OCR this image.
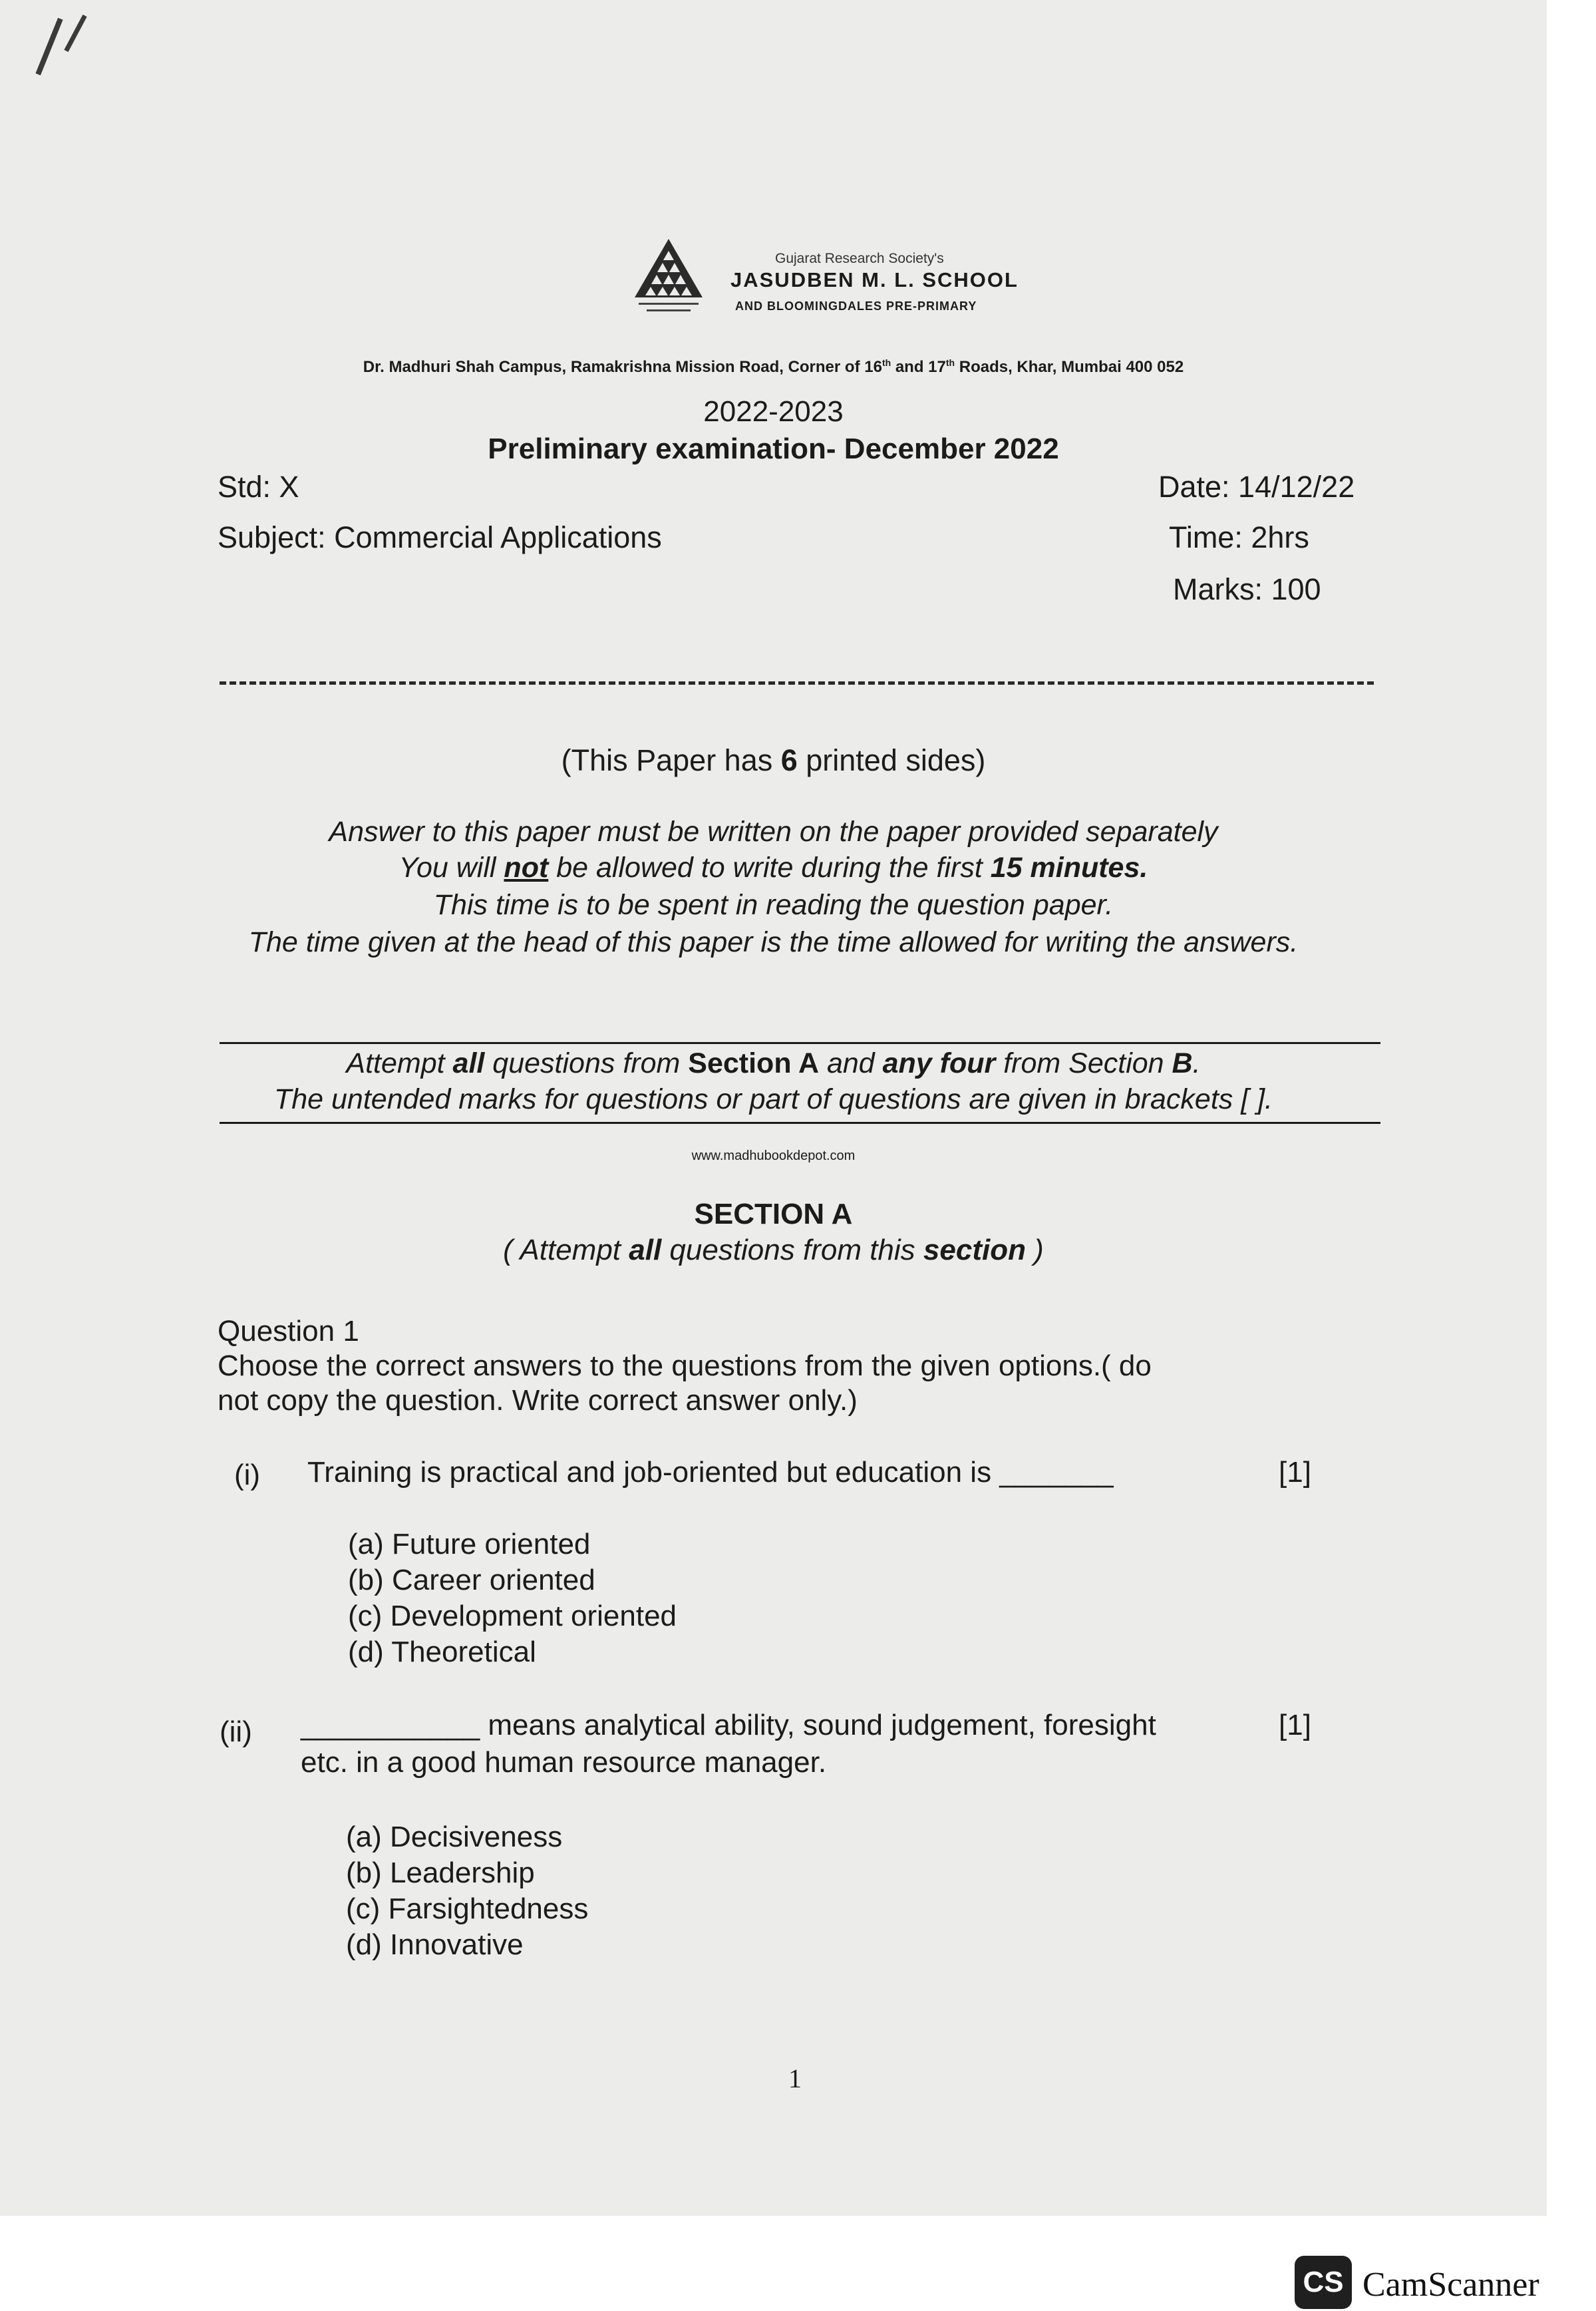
Gujarat Research Society's
JASUDBEN M. L. SCHOOL
AND BLOOMINGDALES PRE-PRIMARY
Dr. Madhuri Shah Campus, Ramakrishna Mission Road, Corner of 16th and 17th Roads, Khar, Mumbai 400 052
2022-2023
Preliminary examination- December 2022
Std: X
Subject: Commercial Applications
Date: 14/12/22
Time: 2hrs
Marks: 100
(This Paper has 6 printed sides)
Answer to this paper must be written on the paper provided separately
You will not be allowed to write during the first 15 minutes.
This time is to be spent in reading the question paper.
The time given at the head of this paper is the time allowed for writing the answers.
Attempt all questions from Section A and any four from Section B.
The untended marks for questions or part of questions are given in brackets [ ].
www.madhubookdepot.com
SECTION A
( Attempt all questions from this section )
Question 1
Choose the correct answers to the questions from the given options.( do
not copy the question. Write correct answer only.)
(i) Training is practical and job-oriented but education is _______	[1]
(a) Future oriented
(b) Career oriented
(c) Development oriented
(d) Theoretical
(ii) ___________ means analytical ability, sound judgement, foresight
etc. in a good human resource manager.
[1]
(a) Decisiveness
(b) Leadership
(c) Farsightedness
(d) Innovative
1
CS CamScanner
